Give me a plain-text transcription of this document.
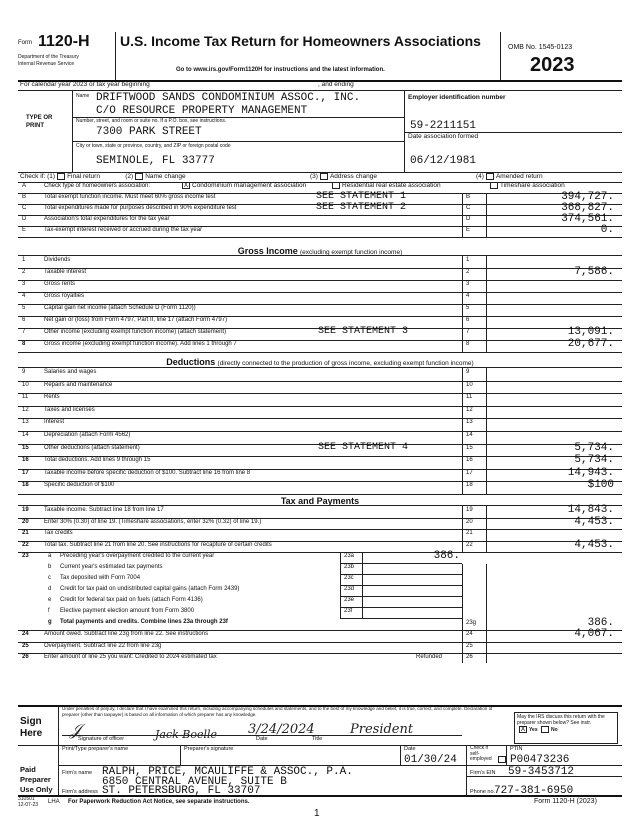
Form 1120-H
Department of the Treasury
Internal Revenue Service
U.S. Income Tax Return for Homeowners Associations
Go to www.irs.gov/Form1120H for instructions and the latest information.
OMB No. 1545-0123
2023
For calendar year 2023 or tax year beginning	, and ending
TYPE OR PRINT
Name DRIFTWOOD SANDS CONDOMINIUM ASSOC., INC.
C/O RESOURCE PROPERTY MANAGEMENT
Number, street, and room or suite no. If a P.O. box, see instructions.
7300 PARK STREET
City or town, state or province, country, and ZIP or foreign postal code
SEMINOLE, FL 33777
Employer identification number
59-2211151
Date association formed
06/12/1981
Check if: (1) Final return	(2) Name change	(3) Address change	(4) Amended return
Gross Income (excluding exempt function income)
Deductions (directly connected to the production of gross income, excluding exempt function income)
Tax and Payments
Sign
Here
Under penalties of perjury, I declare that I have examined this return, including accompanying schedules and statements, and to the best of my knowledge and belief, it is true, correct, and complete. Declaration of preparer (other than taxpayer) is based on all information of which preparer has any knowledge.
𝒥	Jack Boelle 3/24/2024	President
Signature of officer	Date	Title
May the IRS discuss this return with the preparer shown below? See instr.
X Yes	No
Paid
Preparer
Use Only
Print/Type preparer's name	Preparer's signature	Date
01/30/24
Check if self-employed
PTIN
P00473236
Firm's name RALPH, PRICE, MCAULIFFE & ASSOC., P.A.	Firm's EIN 59-3453712
6850 CENTRAL AVENUE, SUITE B
Firm's address ST. PETERSBURG, FL 33707	Phone no.
727-381-6950
310501
12-07-23 LHA For Paperwork Reduction Act Notice, see separate instructions.	Form 1120-H (2023)
1
A	Check type of homeowners association:	X Condominium management association	Residential real estate association	Timeshare association
B	Total exempt function income. Must meet 60% gross income test	B	394,727.
SEE STATEMENT 1
C	Total expenditures made for purposes described in 90% expenditure test	C	368,827.
SEE STATEMENT 2
D	Association's total expenditures for the tax year	D	374,561.
E	Tax-exempt interest received or accrued during the tax year	E	0.
1	Dividends	1
2	Taxable interest	2	7,586.
3	Gross rents	3
4	Gross royalties	4
5	Capital gain net income (attach Schedule D (Form 1120))	5
6	Net gain or (loss) from Form 4797, Part II, line 17 (attach Form 4797)	6
7	Other income (excluding exempt function income) (attach statement)	7	13,091.
SEE STATEMENT 3
8	Gross income (excluding exempt function income). Add lines 1 through 7	8	20,677.
9	Salaries and wages	9
10	Repairs and maintenance	10
11	Rents	11
12	Taxes and licenses	12
13	Interest	13
14	Depreciation (attach Form 4562)	14
15	Other deductions (attach statement)	15	5,734.
SEE STATEMENT 4
16	Total deductions. Add lines 9 through 15	16	5,734.
17	Taxable income before specific deduction of $100. Subtract line 16 from line 8	17	14,943.
18	Specific deduction of $100	18	$100
19	Taxable income. Subtract line 18 from line 17	19	14,843.
20	Enter 30% (0.30) of line 19. (Timeshare associations, enter 32% (0.32) of line 19.)	20	4,453.
21	Tax credits	21
22	Total tax. Subtract line 21 from line 20. See instructions for recapture of certain credits	22	4,453.
23	a Preceding year's overpayment credited to the current year	23a	386.
b Current year's estimated tax payments	23b
c Tax deposited with Form 7004	23c
d Credit for tax paid on undistributed capital gains (attach Form 2439)	23d
e Credit for federal tax paid on fuels (attach Form 4136)	23e
f Elective payment election amount from Form 3800	23f
g Total payments and credits. Combine lines 23a through 23f	23g	386.
24	Amount owed. Subtract line 23g from line 22. See instructions	24	4,067.
25	Overpayment. Subtract line 22 from line 23g	25
26	Enter amount of line 25 you want: Credited to 2024 estimated tax	Refunded	26
